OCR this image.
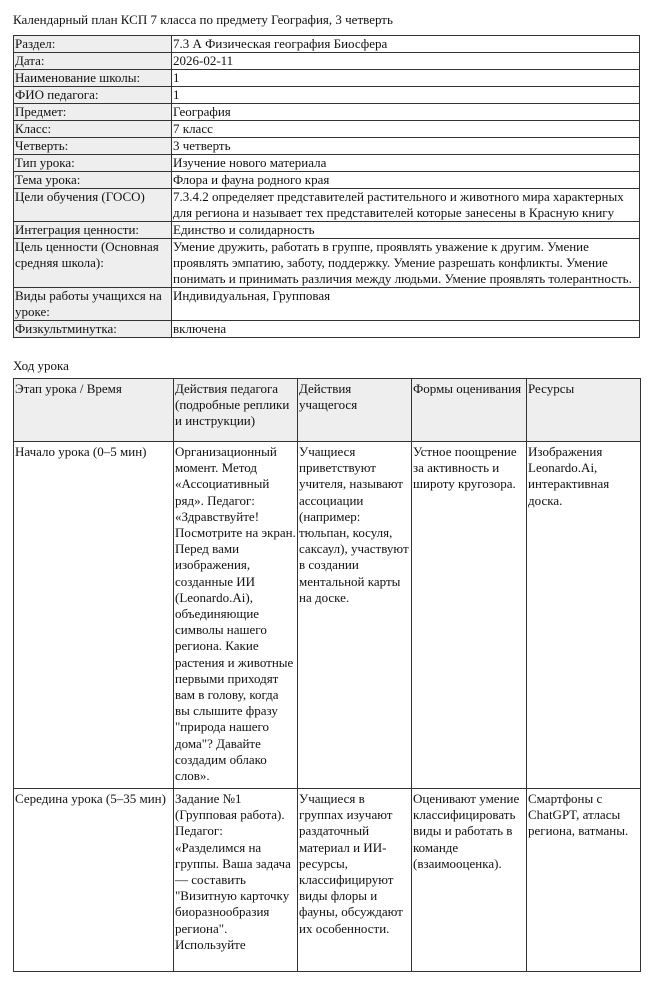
Календарный план КСП 7 класса по предмету География, 3 четверть
Раздел:	7.3 А Физическая география Биосфера
Дата:	2026-02-11
Наименование школы:	1
ФИО педагога:	1
Предмет:	География
Класс:	7 класс
Четверть:	3 четверть
Тип урока:	Изучение нового материала
Тема урока:	Флора и фауна родного края
Цели обучения (ГОСО)	7.3.4.2 определяет представителей растительного и животного мира характерных для региона и называет тех представителей которые занесены в Красную книгу
Интеграция ценности:	Единство и солидарность
Цель ценности (Основная средняя школа):	Умение дружить, работать в группе, проявлять уважение к другим. Умение проявлять эмпатию, заботу, поддержку. Умение разрешать конфликты. Умение понимать и принимать различия между людьми. Умение проявлять толерантность.
Виды работы учащихся на уроке:	Индивидуальная, Групповая
Физкультминутка:	включена
Ход урока
Этап урока / Время	Действия педагога (подробные реплики и инструкции)	Действия учащегося	Формы оценивания	Ресурсы
Начало урока (0–5 мин)	Организационный момент. Метод «Ассоциативный ряд». Педагог: «Здравствуйте! Посмотрите на экран. Перед вами изображения, созданные ИИ (Leonardo.Ai), объединяющие символы нашего региона. Какие растения и животные первыми приходят вам в голову, когда вы слышите фразу "природа нашего дома"? Давайте создадим облако слов».	Учащиеся приветствуют учителя, называют ассоциации (например: тюльпан, косуля, саксаул), участвуют в создании ментальной карты на доске.	Устное поощрение за активность и широту кругозора.	Изображения Leonardo.Ai, интерактивная доска.
Середина урока (5–35 мин)	Задание №1 (Групповая работа). Педагог: «Разделимся на группы. Ваша задача — составить "Визитную карточку биоразнообразия региона". Используйте	Учащиеся в группах изучают раздаточный материал и ИИ-ресурсы, классифицируют виды флоры и фауны, обсуждают их особенности.	Оценивают умение классифицировать виды и работать в команде (взаимооценка).	Смартфоны с ChatGPT, атласы региона, ватманы.
